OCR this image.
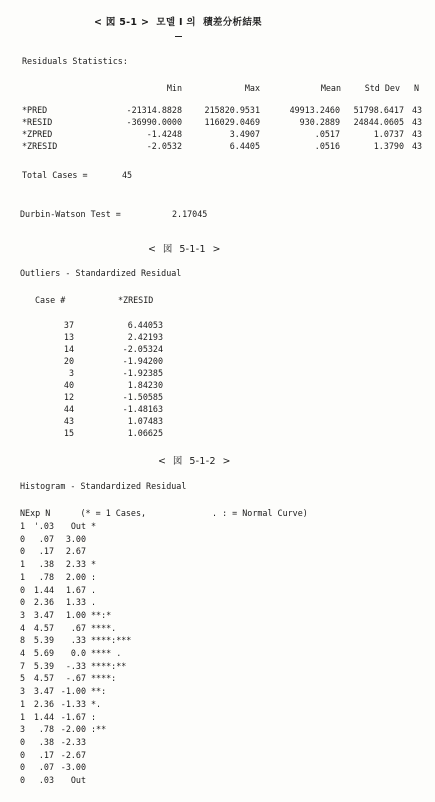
< 図 5-1 >  모델 I 의  積差分析結果
Residuals Statistics:
Min	Max	Mean	Std Dev N
*PRED	-21314.8828	215820.9531	49913.2460	51798.6417 43
*RESID	-36990.0000	116029.0469	930.2889	24844.0605 43
*ZPRED	-1.4248	3.4907	.0517	1.0737 43
*ZRESID	-2.0532	6.4405	.0516	1.3790 43
Total Cases =	45
Durbin-Watson Test =	2.17045
<  図  5-1-1  >
Outliers - Standardized Residual
Case #	*ZRESID
37	6.44053
13	2.42193
14	-2.05324
20	-1.94200
3	-1.92385
40	1.84230
12	-1.50585
44	-1.48163
43	1.07483
15	1.06625
<  図  5-1-2  >
Histogram - Standardized Residual
NExp N      (* = 1 Cases,	. : = Normal Curve)
1	'.03	Out *
0	.07	3.00
0	.17	2.67
1	.38	2.33 *
1	.78	2.00 :
0	1.44	1.67 .
0	2.36	1.33 .
3	3.47	1.00 **:*
4	4.57	.67 ****.
8	5.39	.33 ****:***
4	5.69	0.0 **** .
7	5.39	-.33 ****:**
5	4.57	-.67 ****:
3	3.47 -1.00 **:
1	2.36 -1.33 *.
1	1.44 -1.67 :
3	.78 -2.00 :**
0	.38 -2.33
0	.17 -2.67
0	.07 -3.00
0	.03	Out
